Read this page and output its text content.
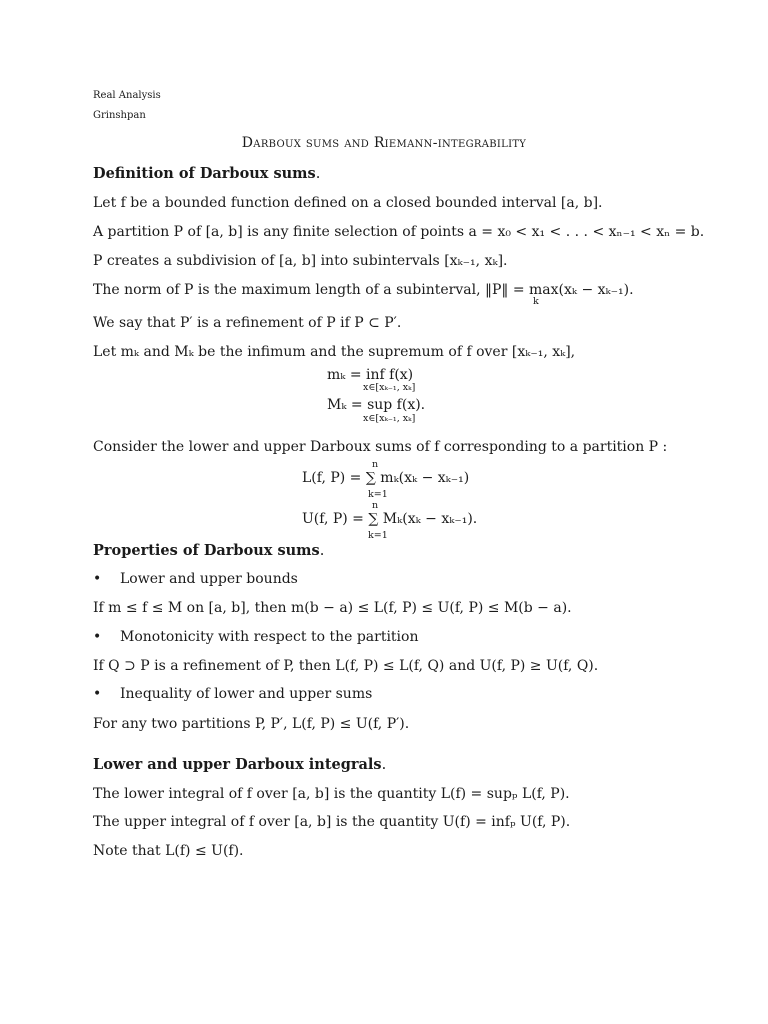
Real Analysis
Grinshpan
Darboux sums and Riemann-integrability
Definition of Darboux sums.
Let f be a bounded function defined on a closed bounded interval [a, b].
A partition P of [a, b] is any finite selection of points a = x₀ < x₁ < . . . < xₙ₋₁ < xₙ = b.
P creates a subdivision of [a, b] into subintervals [xₖ₋₁, xₖ].
The norm of P is the maximum length of a subinterval, ‖P‖ = max(xₖ − xₖ₋₁).
k
We say that P′ is a refinement of P if P ⊂ P′.
Let mₖ and Mₖ be the infimum and the supremum of f over [xₖ₋₁, xₖ],
mₖ = inf f(x)
x∈[xₖ₋₁, xₖ]
Mₖ = sup f(x).
x∈[xₖ₋₁, xₖ]
Consider the lower and upper Darboux sums of f corresponding to a partition P :
n
L(f, P) = ∑ mₖ(xₖ − xₖ₋₁)
k=1
n
U(f, P) = ∑ Mₖ(xₖ − xₖ₋₁).
k=1
Properties of Darboux sums.
• Lower and upper bounds
If m ≤ f ≤ M on [a, b], then m(b − a) ≤ L(f, P) ≤ U(f, P) ≤ M(b − a).
• Monotonicity with respect to the partition
If Q ⊃ P is a refinement of P, then L(f, P) ≤ L(f, Q) and U(f, P) ≥ U(f, Q).
• Inequality of lower and upper sums
For any two partitions P, P′, L(f, P) ≤ U(f, P′).
Lower and upper Darboux integrals.
The lower integral of f over [a, b] is the quantity L(f) = supₚ L(f, P).
The upper integral of f over [a, b] is the quantity U(f) = infₚ U(f, P).
Note that L(f) ≤ U(f).
